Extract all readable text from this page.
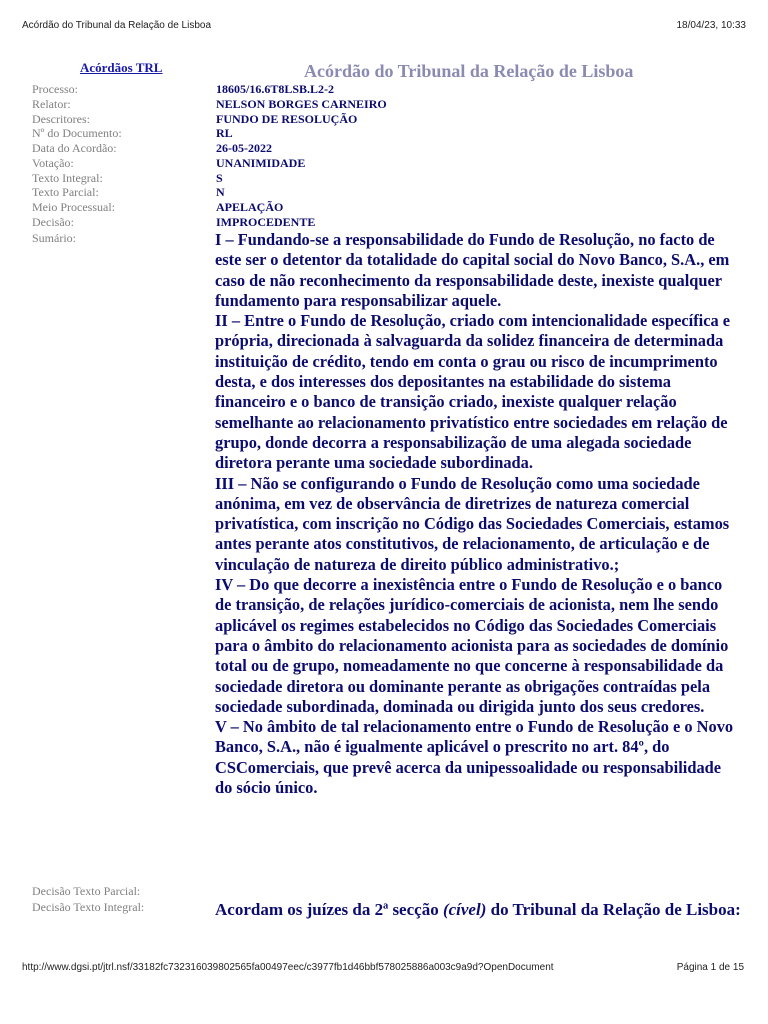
Acórdão do Tribunal da Relação de Lisboa	18/04/23, 10:33
Acórdãos TRL	Acórdão do Tribunal da Relação de Lisboa
Processo:	18605/16.6T8LSB.L2-2
Relator:	NELSON BORGES CARNEIRO
Descritores:	FUNDO DE RESOLUÇÃO
Nº do Documento:	RL
Data do Acordão:	26-05-2022
Votação:	UNANIMIDADE
Texto Integral:	S
Texto Parcial:	N
Meio Processual:	APELAÇÃO
Decisão:	IMPROCEDENTE
Sumário:	I – Fundando-se a responsabilidade do Fundo de Resolução, no facto de este ser o detentor da totalidade do capital social do Novo Banco, S.A., em caso de não reconhecimento da responsabilidade deste, inexiste qualquer fundamento para responsabilizar aquele.

II – Entre o Fundo de Resolução, criado com intencionalidade específica e própria, direcionada à salvaguarda da solidez financeira de determinada instituição de crédito, tendo em conta o grau ou risco de incumprimento desta, e dos interesses dos depositantes na estabilidade do sistema financeiro e o banco de transição criado, inexiste qualquer relação semelhante ao relacionamento privatístico entre sociedades em relação de grupo, donde decorra a responsabilização de uma alegada sociedade diretora perante uma sociedade subordinada.

III – Não se configurando o Fundo de Resolução como uma sociedade anónima, em vez de observância de diretrizes de natureza comercial privatística, com inscrição no Código das Sociedades Comerciais, estamos antes perante atos constitutivos, de relacionamento, de articulação e de vinculação de natureza de direito público administrativo.;

IV – Do que decorre a inexistência entre o Fundo de Resolução e o banco de transição, de relações jurídico-comerciais de acionista, nem lhe sendo aplicável os regimes estabelecidos no Código das Sociedades Comerciais para o âmbito do relacionamento acionista para as sociedades de domínio total ou de grupo, nomeadamente no que concerne à responsabilidade da sociedade diretora ou dominante perante as obrigações contraídas pela sociedade subordinada, dominada ou dirigida junto dos seus credores.

V – No âmbito de tal relacionamento entre o Fundo de Resolução e o Novo Banco, S.A., não é igualmente aplicável o prescrito no art. 84º, do CSComerciais, que prevê acerca da unipessoalidade ou responsabilidade do sócio único.

Decisão Texto Parcial:
Decisão Texto Integral:	Acordam os juízes da 2ª secção (cível) do Tribunal da Relação de Lisboa:
http://www.dgsi.pt/jtrl.nsf/33182fc732316039802565fa00497eec/c3977fb1d46bbf578025886a003c9a9d?OpenDocument	Página 1 de 15
